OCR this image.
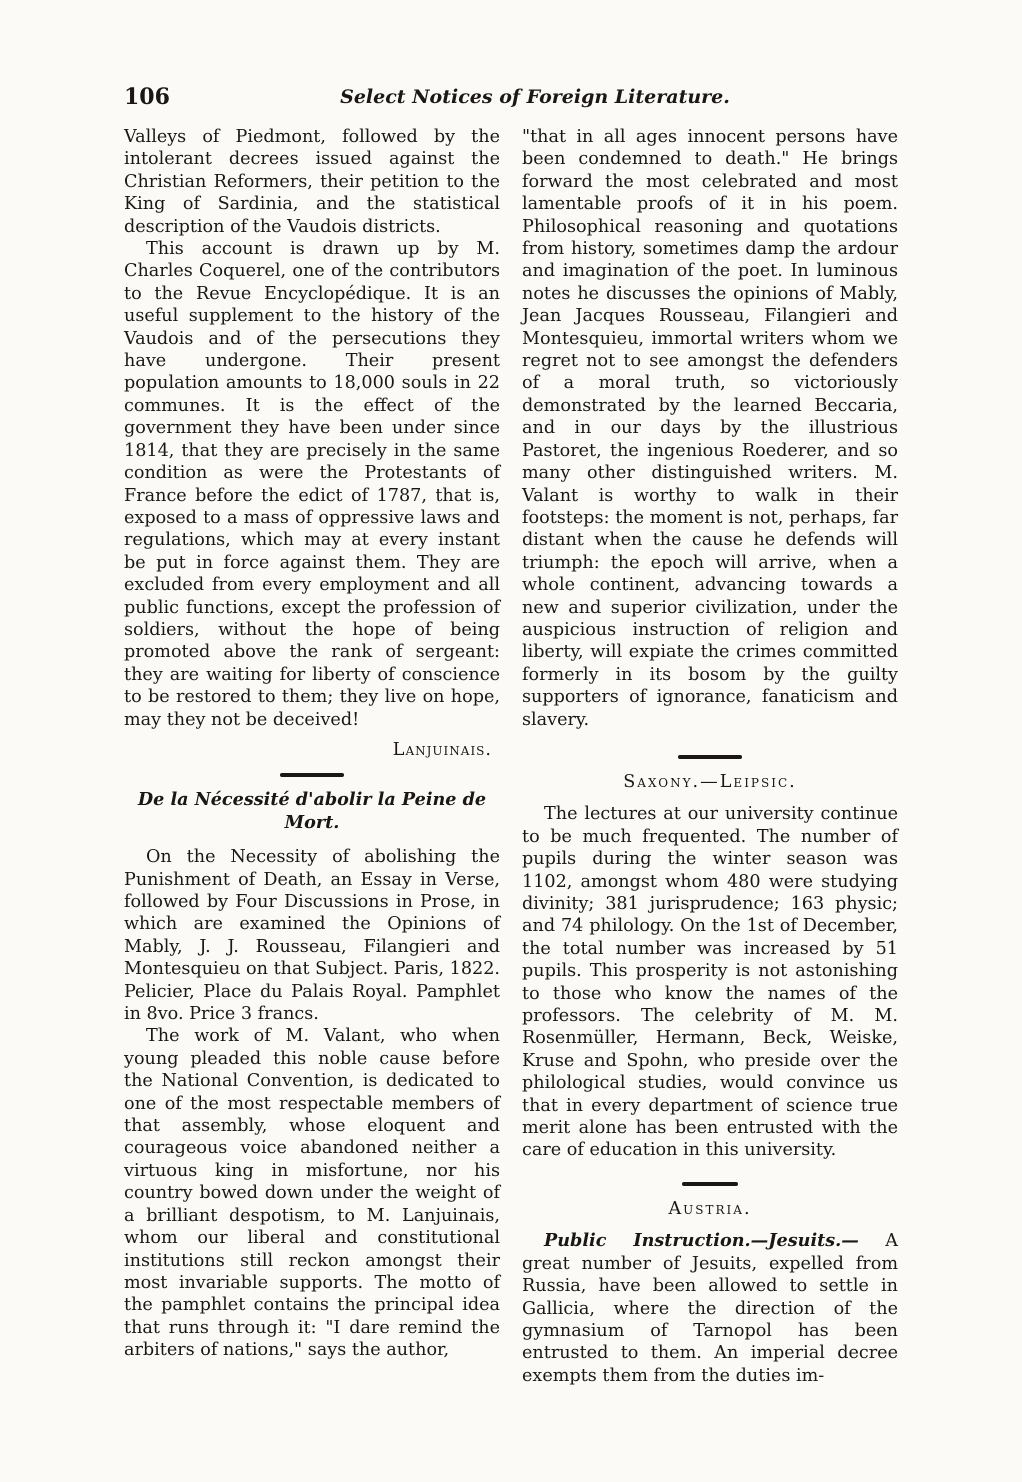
106	Select Notices of Foreign Literature.

Valleys of Piedmont, followed by the intolerant decrees issued against the Christian Reformers, their petition to the King of Sardinia, and the statistical description of the Vaudois districts.

This account is drawn up by M. Charles Coquerel, one of the contributors to the Revue Encyclopédique. It is an useful supplement to the history of the Vaudois and of the persecutions they have undergone. Their present population amounts to 18,000 souls in 22 communes. It is the effect of the government they have been under since 1814, that they are precisely in the same condition as were the Protestants of France before the edict of 1787, that is, exposed to a mass of oppressive laws and regulations, which may at every instant be put in force against them. They are excluded from every employment and all public functions, except the profession of soldiers, without the hope of being promoted above the rank of sergeant: they are waiting for liberty of conscience to be restored to them; they live on hope, may they not be deceived!

Lanjuinais.
De la Nécessité d'abolir la Peine de Mort.

On the Necessity of abolishing the Punishment of Death, an Essay in Verse, followed by Four Discussions in Prose, in which are examined the Opinions of Mably, J. J. Rousseau, Filangieri and Montesquieu on that Subject. Paris, 1822. Pelicier, Place du Palais Royal. Pamphlet in 8vo. Price 3 francs.

The work of M. Valant, who when young pleaded this noble cause before the National Convention, is dedicated to one of the most respectable members of that assembly, whose eloquent and courageous voice abandoned neither a virtuous king in misfortune, nor his country bowed down under the weight of a brilliant despotism, to M. Lanjuinais, whom our liberal and constitutional institutions still reckon amongst their most invariable supports. The motto of the pamphlet contains the principal idea that runs through it: "I dare remind the arbiters of nations," says the author,

"that in all ages innocent persons have been condemned to death." He brings forward the most celebrated and most lamentable proofs of it in his poem. Philosophical reasoning and quotations from history, sometimes damp the ardour and imagination of the poet. In luminous notes he discusses the opinions of Mably, Jean Jacques Rousseau, Filangieri and Montesquieu, immortal writers whom we regret not to see amongst the defenders of a moral truth, so victoriously demonstrated by the learned Beccaria, and in our days by the illustrious Pastoret, the ingenious Roederer, and so many other distinguished writers. M. Valant is worthy to walk in their footsteps: the moment is not, perhaps, far distant when the cause he defends will triumph: the epoch will arrive, when a whole continent, advancing towards a new and superior civilization, under the auspicious instruction of religion and liberty, will expiate the crimes committed formerly in its bosom by the guilty supporters of ignorance, fanaticism and slavery.

Saxony.—Leipsic.

The lectures at our university continue to be much frequented. The number of pupils during the winter season was 1102, amongst whom 480 were studying divinity; 381 jurisprudence; 163 physic; and 74 philology. On the 1st of December, the total number was increased by 51 pupils. This prosperity is not astonishing to those who know the names of the professors. The celebrity of M. M. Rosenmüller, Hermann, Beck, Weiske, Kruse and Spohn, who preside over the philological studies, would convince us that in every department of science true merit alone has been entrusted with the care of education in this university.

Austria.

Public Instruction.—Jesuits.— A great number of Jesuits, expelled from Russia, have been allowed to settle in Gallicia, where the direction of the gymnasium of Tarnopol has been entrusted to them. An imperial decree exempts them from the duties im-
